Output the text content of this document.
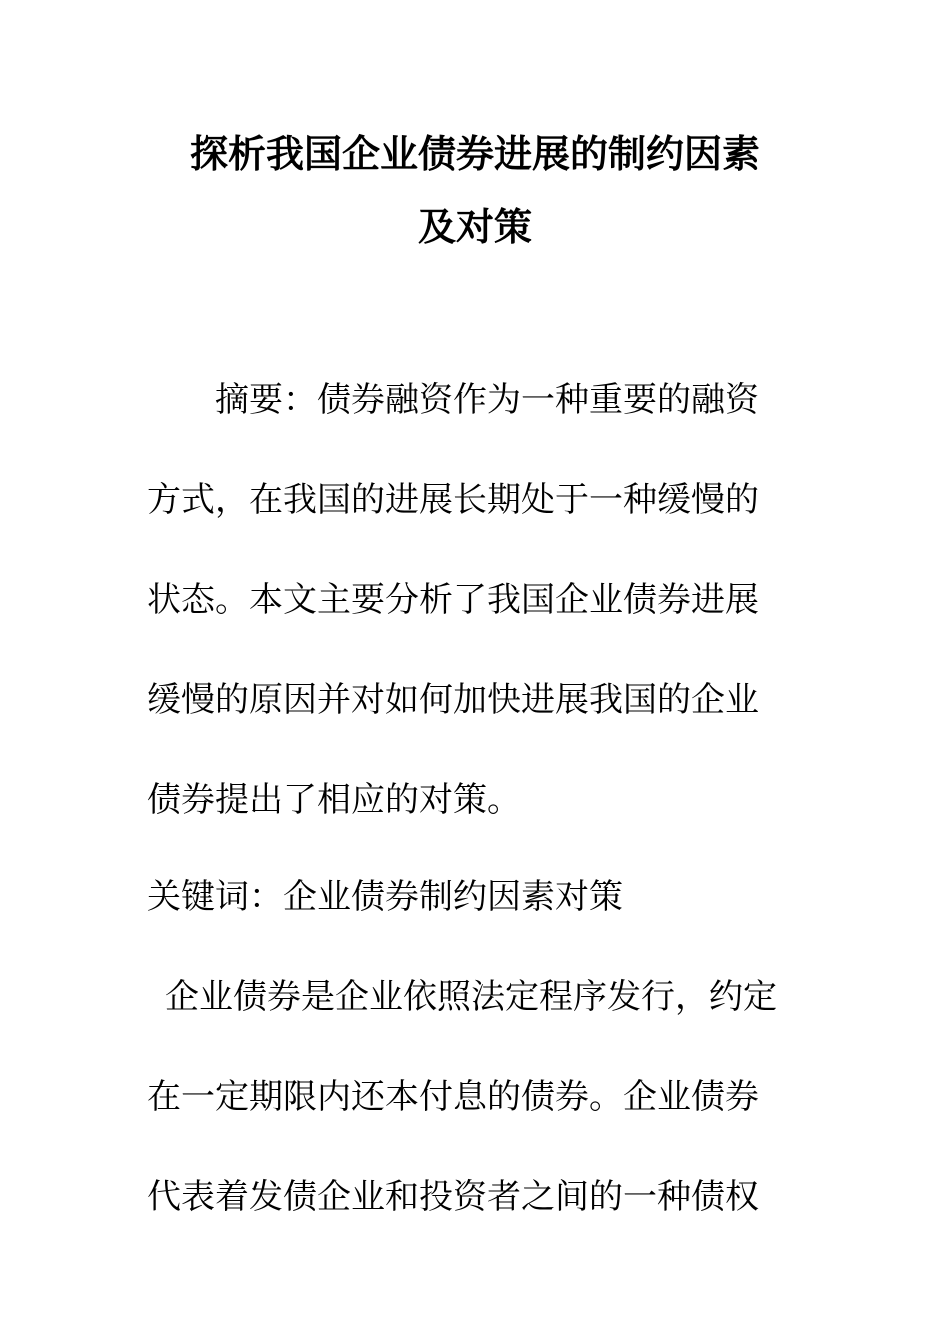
探析我国企业债券进展的制约因素
及对策
摘要：债券融资作为一种重要的融资
方式，在我国的进展长期处于一种缓慢的
状态。本文主要分析了我国企业债券进展
缓慢的原因并对如何加快进展我国的企业
债券提出了相应的对策。
关键词：企业债券制约因素对策
企业债券是企业依照法定程序发行，约定
在一定期限内还本付息的债券。企业债券
代表着发债企业和投资者之间的一种债权
